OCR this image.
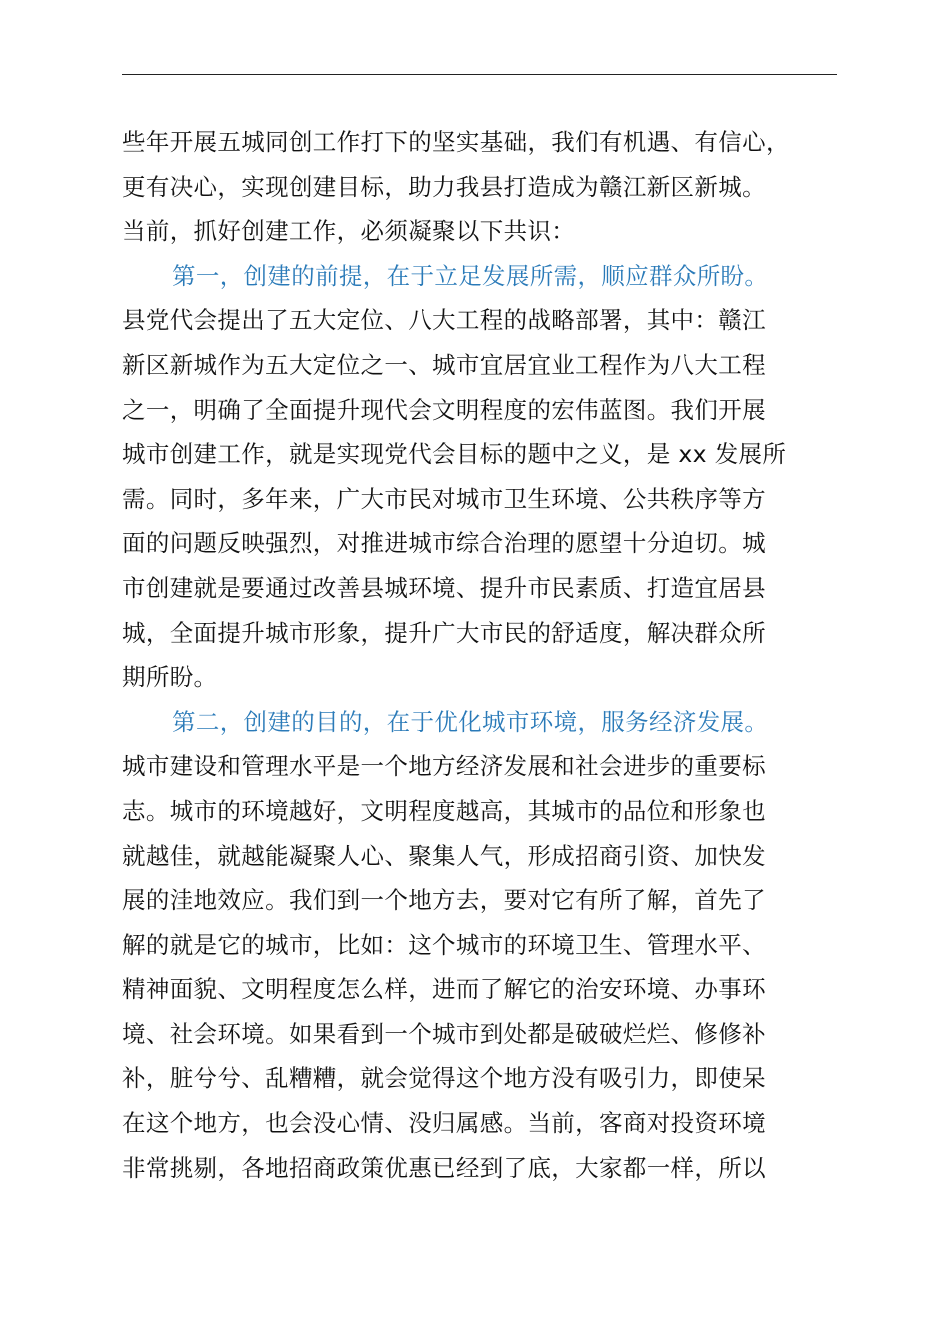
些年开展五城同创工作打下的坚实基础，我们有机遇、有信心，
更有决心，实现创建目标，助力我县打造成为赣江新区新城。
当前，抓好创建工作，必须凝聚以下共识：
第一，创建的前提，在于立足发展所需，顺应群众所盼。
县党代会提出了五大定位、八大工程的战略部署，其中：赣江
新区新城作为五大定位之一、城市宜居宜业工程作为八大工程
之一，明确了全面提升现代会文明程度的宏伟蓝图。我们开展
城市创建工作，就是实现党代会目标的题中之义，是 xx 发展所
需。同时，多年来，广大市民对城市卫生环境、公共秩序等方
面的问题反映强烈，对推进城市综合治理的愿望十分迫切。城
市创建就是要通过改善县城环境、提升市民素质、打造宜居县
城，全面提升城市形象，提升广大市民的舒适度，解决群众所
期所盼。
第二，创建的目的，在于优化城市环境，服务经济发展。
城市建设和管理水平是一个地方经济发展和社会进步的重要标
志。城市的环境越好，文明程度越高，其城市的品位和形象也
就越佳，就越能凝聚人心、聚集人气，形成招商引资、加快发
展的洼地效应。我们到一个地方去，要对它有所了解，首先了
解的就是它的城市，比如：这个城市的环境卫生、管理水平、
精神面貌、文明程度怎么样，进而了解它的治安环境、办事环
境、社会环境。如果看到一个城市到处都是破破烂烂、修修补
补，脏兮兮、乱糟糟，就会觉得这个地方没有吸引力，即使呆
在这个地方，也会没心情、没归属感。当前，客商对投资环境
非常挑剔，各地招商政策优惠已经到了底，大家都一样，所以
